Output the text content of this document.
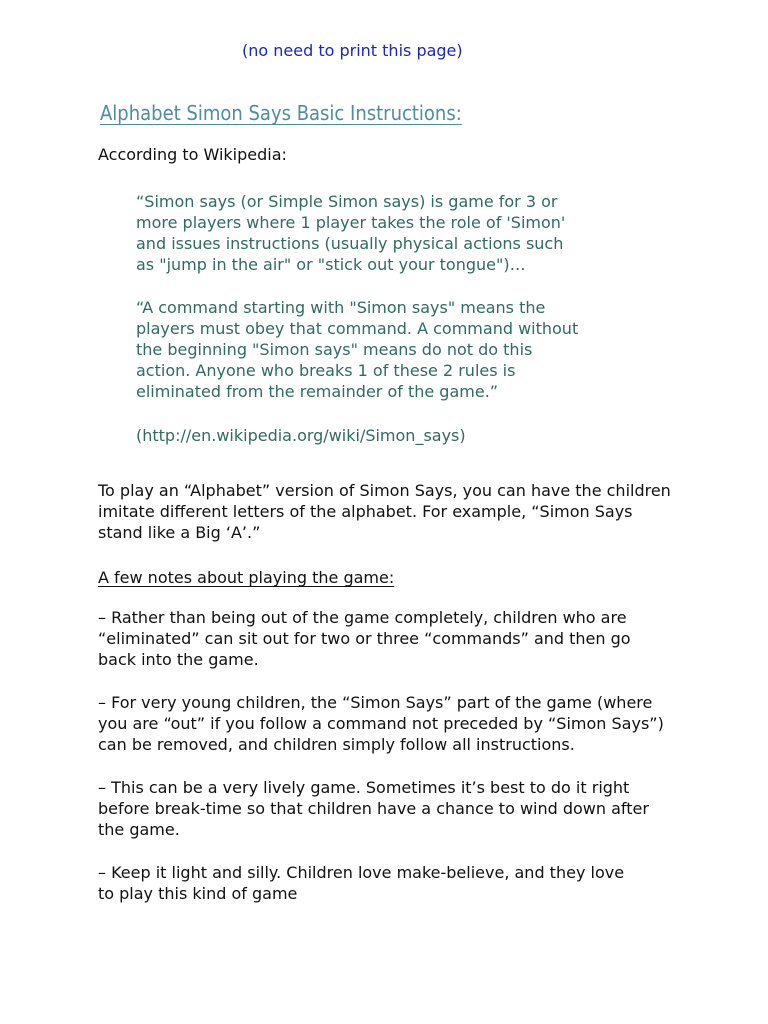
(no need to print this page)
Alphabet Simon Says Basic Instructions:
According to Wikipedia:
“Simon says (or Simple Simon says) is game for 3 or
more players where 1 player takes the role of 'Simon'
and issues instructions (usually physical actions such
as "jump in the air" or "stick out your tongue")…
“A command starting with "Simon says" means the
players must obey that command. A command without
the beginning "Simon says" means do not do this
action. Anyone who breaks 1 of these 2 rules is
eliminated from the remainder of the game.”
(http://en.wikipedia.org/wiki/Simon_says)
To play an “Alphabet” version of Simon Says, you can have the children
imitate different letters of the alphabet. For example, “Simon Says
stand like a Big ‘A’.”
A few notes about playing the game:
– Rather than being out of the game completely, children who are
“eliminated” can sit out for two or three “commands” and then go
back into the game.
– For very young children, the “Simon Says” part of the game (where
you are “out” if you follow a command not preceded by “Simon Says”)
can be removed, and children simply follow all instructions.
– This can be a very lively game. Sometimes it’s best to do it right
before break-time so that children have a chance to wind down after
the game.
– Keep it light and silly. Children love make-believe, and they love
to play this kind of game
